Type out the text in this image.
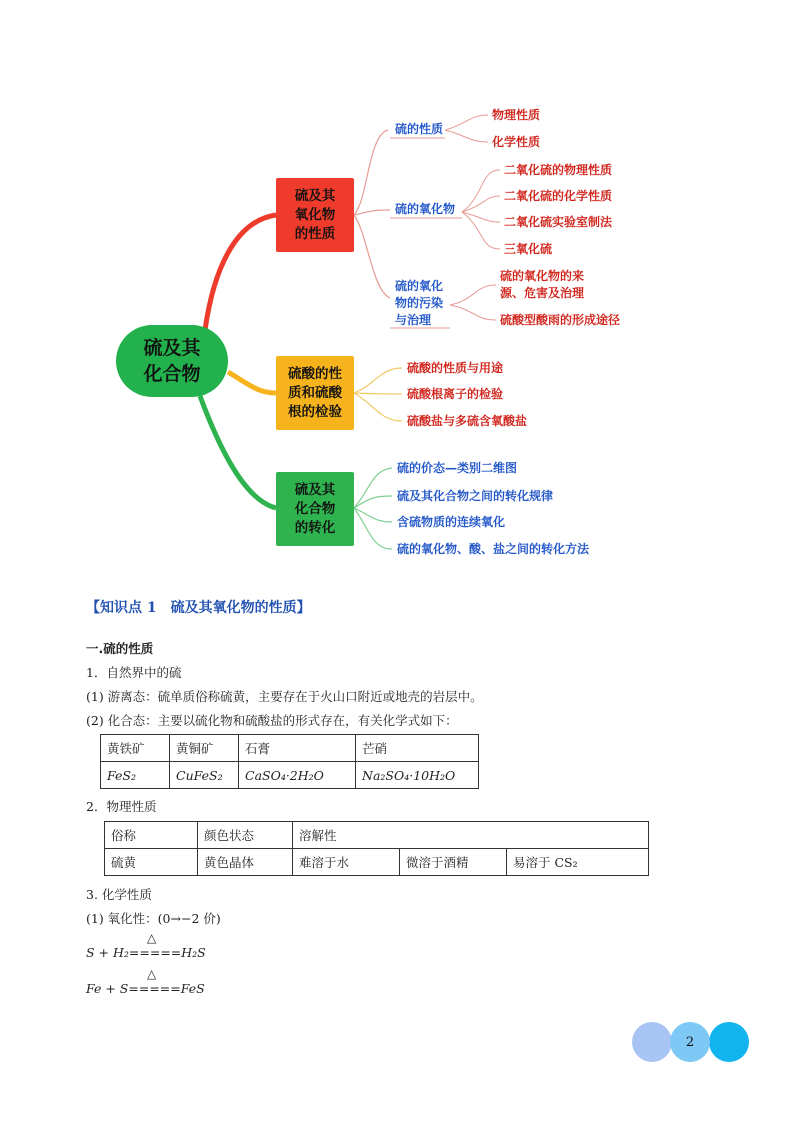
硫及其
化合物
硫及其
氧化物
的性质
硫酸的性
质和硫酸
根的检验
硫及其
化合物
的转化
硫的性质
硫的氧化物
硫的氧化
物的污染
与治理
物理性质
化学性质
二氧化硫的物理性质
二氧化硫的化学性质
二氧化硫实验室制法
三氧化硫
硫的氧化物的来
源、危害及治理
硫酸型酸雨的形成途径
硫酸的性质与用途
硫酸根离子的检验
硫酸盐与多硫含氧酸盐
硫的价态—类别二维图
硫及其化合物之间的转化规律
含硫物质的连续氧化
硫的氧化物、酸、盐之间的转化方法
【知识点 1　硫及其氧化物的性质】
一.硫的性质
1．自然界中的硫
(1) 游离态：硫单质俗称硫黄，主要存在于火山口附近或地壳的岩层中。
(2) 化合态：主要以硫化物和硫酸盐的形式存在，有关化学式如下：
黄铁矿	黄铜矿	石膏	芒硝
FeS₂	CuFeS₂	CaSO₄·2H₂O	Na₂SO₄·10H₂O
2．物理性质
俗称	颜色状态	溶解性		
硫黄	黄色晶体	难溶于水	微溶于酒精	易溶于 CS₂
3. 化学性质
(1) 氧化性：(0→−2 价)
△
S + H₂=====H₂S
△
Fe + S=====FeS
2
